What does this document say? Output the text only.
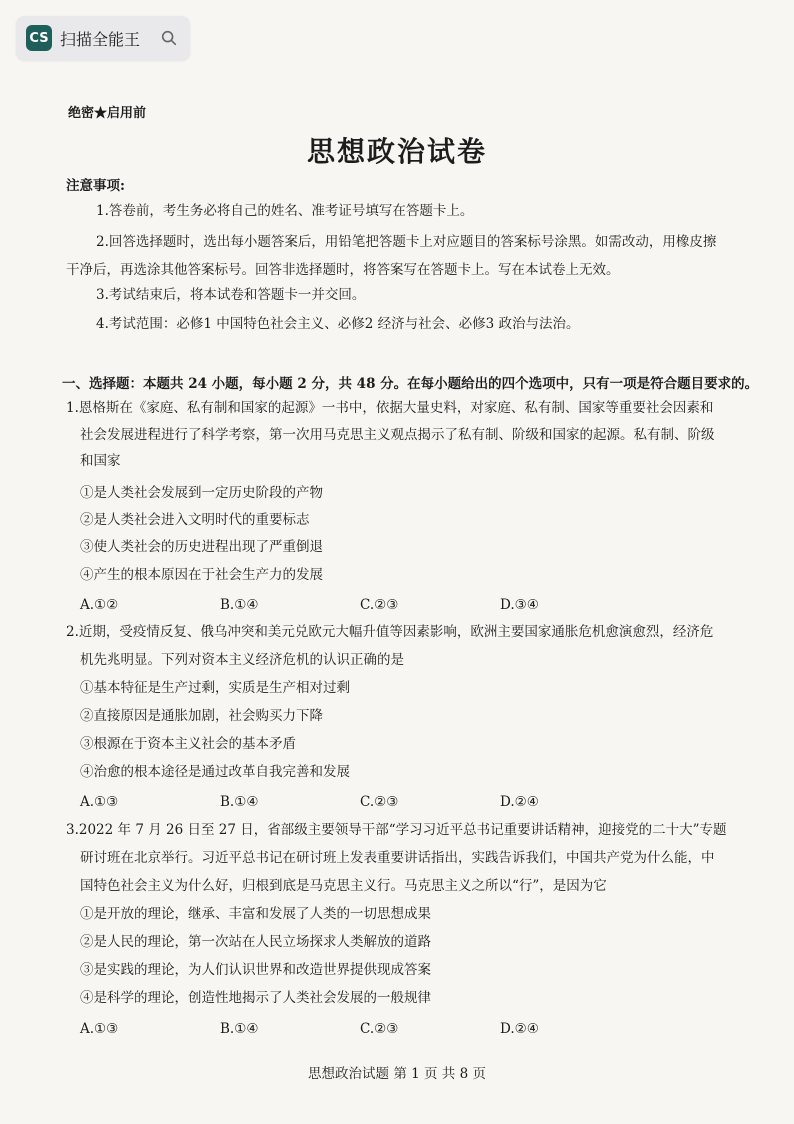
CS 扫描全能王
绝密★启用前
思想政治试卷
注意事项:
1.答卷前，考生务必将自己的姓名、准考证号填写在答题卡上。
2.回答选择题时，选出每小题答案后，用铅笔把答题卡上对应题目的答案标号涂黑。如需改动，用橡皮擦
干净后，再选涂其他答案标号。回答非选择题时，将答案写在答题卡上。写在本试卷上无效。
3.考试结束后，将本试卷和答题卡一并交回。
4.考试范围：必修1 中国特色社会主义、必修2 经济与社会、必修3 政治与法治。
一、选择题：本题共 24 小题，每小题 2 分，共 48 分。在每小题给出的四个选项中，只有一项是符合题目要求的。
1.恩格斯在《家庭、私有制和国家的起源》一书中，依据大量史料，对家庭、私有制、国家等重要社会因素和
社会发展进程进行了科学考察，第一次用马克思主义观点揭示了私有制、阶级和国家的起源。私有制、阶级
和国家
①是人类社会发展到一定历史阶段的产物
②是人类社会进入文明时代的重要标志
③使人类社会的历史进程出现了严重倒退
④产生的根本原因在于社会生产力的发展
A.①②	B.①④	C.②③	D.③④
2.近期，受疫情反复、俄乌冲突和美元兑欧元大幅升值等因素影响，欧洲主要国家通胀危机愈演愈烈，经济危
机先兆明显。下列对资本主义经济危机的认识正确的是
①基本特征是生产过剩，实质是生产相对过剩
②直接原因是通胀加剧，社会购买力下降
③根源在于资本主义社会的基本矛盾
④治愈的根本途径是通过改革自我完善和发展
A.①③	B.①④	C.②③	D.②④
3.2022 年 7 月 26 日至 27 日，省部级主要领导干部“学习习近平总书记重要讲话精神，迎接党的二十大”专题
研讨班在北京举行。习近平总书记在研讨班上发表重要讲话指出，实践告诉我们，中国共产党为什么能，中
国特色社会主义为什么好，归根到底是马克思主义行。马克思主义之所以“行”，是因为它
①是开放的理论，继承、丰富和发展了人类的一切思想成果
②是人民的理论，第一次站在人民立场探求人类解放的道路
③是实践的理论，为人们认识世界和改造世界提供现成答案
④是科学的理论，创造性地揭示了人类社会发展的一般规律
A.①③	B.①④	C.②③	D.②④
思想政治试题 第 1 页 共 8 页
